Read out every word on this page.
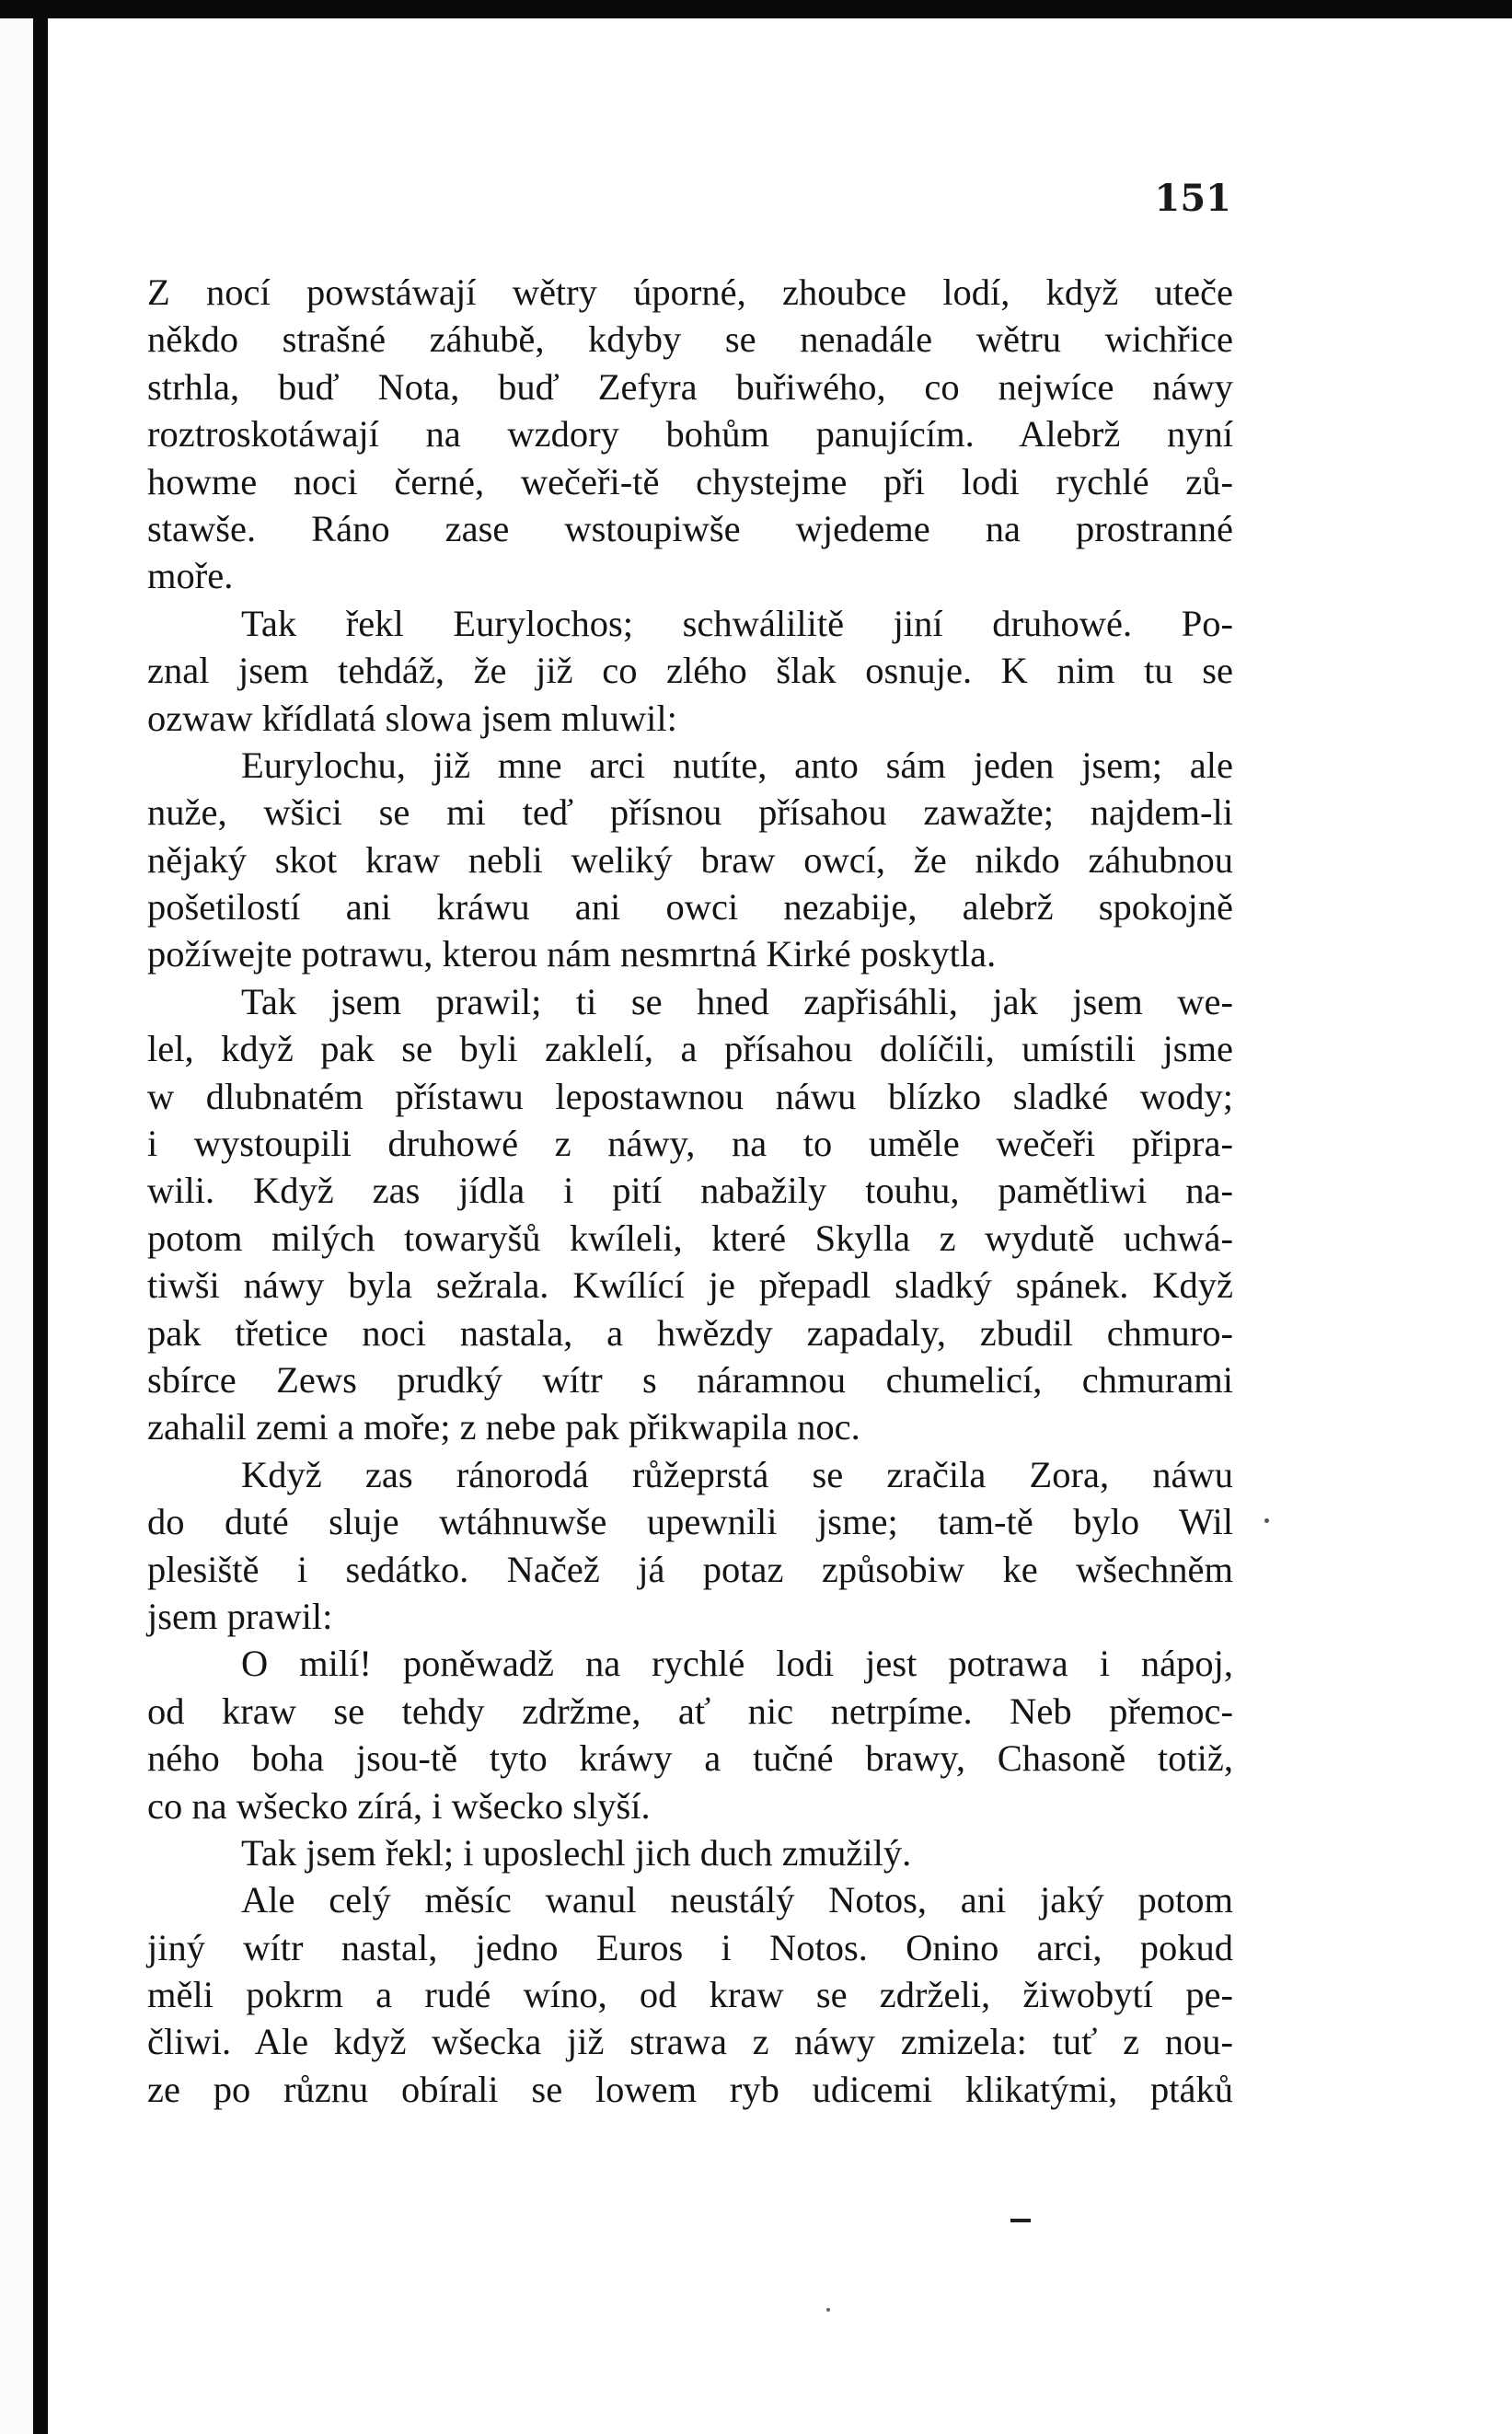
151
Z nocí powstáwají wětry úporné, zhoubce lodí, když uteče
někdo strašné záhubě, kdyby se nenadále wětru wichřice
strhla, buď Nota, buď Zefyra buřiwého, co nejwíce náwy
roztroskotáwají na wzdory bohům panujícím. Alebrž nyní
howme noci černé, wečeři-tě chystejme při lodi rychlé zů-
stawše. Ráno zase wstoupiwše wjedeme na prostranné
moře.
Tak řekl Eurylochos; schwálilitě jiní druhowé. Po-
znal jsem tehdáž, že již co zlého šlak osnuje. K nim tu se
ozwaw křídlatá slowa jsem mluwil:
Eurylochu, již mne arci nutíte, anto sám jeden jsem; ale
nuže, wšici se mi teď přísnou přísahou zawažte; najdem-li
nějaký skot kraw nebli weliký braw owcí, že nikdo záhubnou
pošetilostí ani kráwu ani owci nezabije, alebrž spokojně
požíwejte potrawu, kterou nám nesmrtná Kirké poskytla.
Tak jsem prawil; ti se hned zapřisáhli, jak jsem we-
lel, když pak se byli zaklelí, a přísahou dolíčili, umístili jsme
w dlubnatém přístawu lepostawnou náwu blízko sladké wody;
i wystoupili druhowé z náwy, na to uměle wečeři připra-
wili. Když zas jídla i pití nabažily touhu, pamětliwi na-
potom milých towaryšů kwíleli, které Skylla z wydutě uchwá-
tiwši náwy byla sežrala. Kwílící je přepadl sladký spánek. Když
pak třetice noci nastala, a hwězdy zapadaly, zbudil chmuro-
sbírce Zews prudký wítr s náramnou chumelicí, chmurami
zahalil zemi a moře; z nebe pak přikwapila noc.
Když zas ránorodá růžeprstá se zračila Zora, náwu
do duté sluje wtáhnuwše upewnili jsme; tam-tě bylo Wil
plesiště i sedátko. Načež já potaz způsobiw ke wšechněm
jsem prawil:
O milí! poněwadž na rychlé lodi jest potrawa i nápoj,
od kraw se tehdy zdržme, ať nic netrpíme. Neb přemoc-
ného boha jsou-tě tyto kráwy a tučné brawy, Chasoně totiž,
co na wšecko zírá, i wšecko slyší.
Tak jsem řekl; i uposlechl jich duch zmužilý.
Ale celý měsíc wanul neustálý Notos, ani jaký potom
jiný wítr nastal, jedno Euros i Notos. Onino arci, pokud
měli pokrm a rudé wíno, od kraw se zdrželi, žiwobytí pe-
čliwi. Ale když wšecka již strawa z náwy zmizela: tuť z nou-
ze po různu obírali se lowem ryb udicemi klikatými, ptáků
